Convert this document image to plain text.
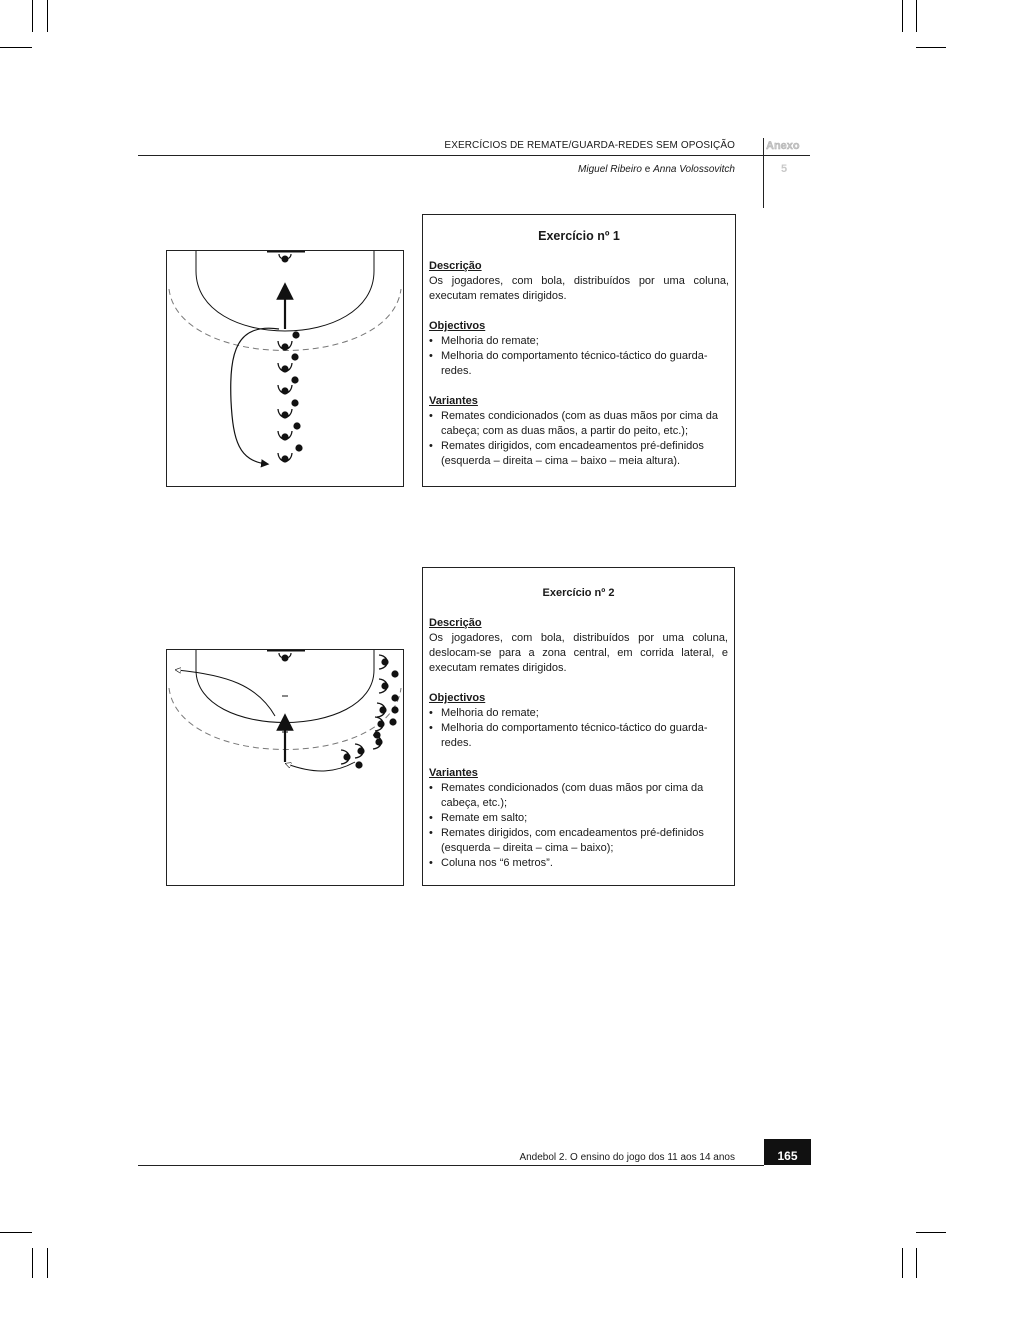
EXERCÍCIOS DE REMATE/GUARDA-REDES SEM OPOSIÇÃO
Miguel Ribeiro e Anna Volossovitch
Anexo
5
Exercício nº 1
Descrição
Os jogadores, com bola, distribuídos por uma coluna, executam remates dirigidos.
Objectivos
• Melhoria do remate;
• Melhoria do comportamento técnico-táctico do guarda-redes.
Variantes
• Remates condicionados (com as duas mãos por cima da cabeça; com as duas mãos, a partir do peito, etc.);
• Remates dirigidos, com encadeamentos pré-definidos (esquerda – direita – cima – baixo – meia altura).
Exercício nº 2
Descrição
Os jogadores, com bola, distribuídos por uma coluna, deslocam-se para a zona central, em corrida lateral, e executam remates dirigidos.
Objectivos
• Melhoria do remate;
• Melhoria do comportamento técnico-táctico do guarda-redes.
Variantes
• Remates condicionados (com duas mãos por cima da cabeça, etc.);
• Remate em salto;
• Remates dirigidos, com encadeamentos pré-definidos (esquerda – direita – cima – baixo);
• Coluna nos “6 metros”.
Andebol 2. O ensino do jogo dos 11 aos 14 anos	165
